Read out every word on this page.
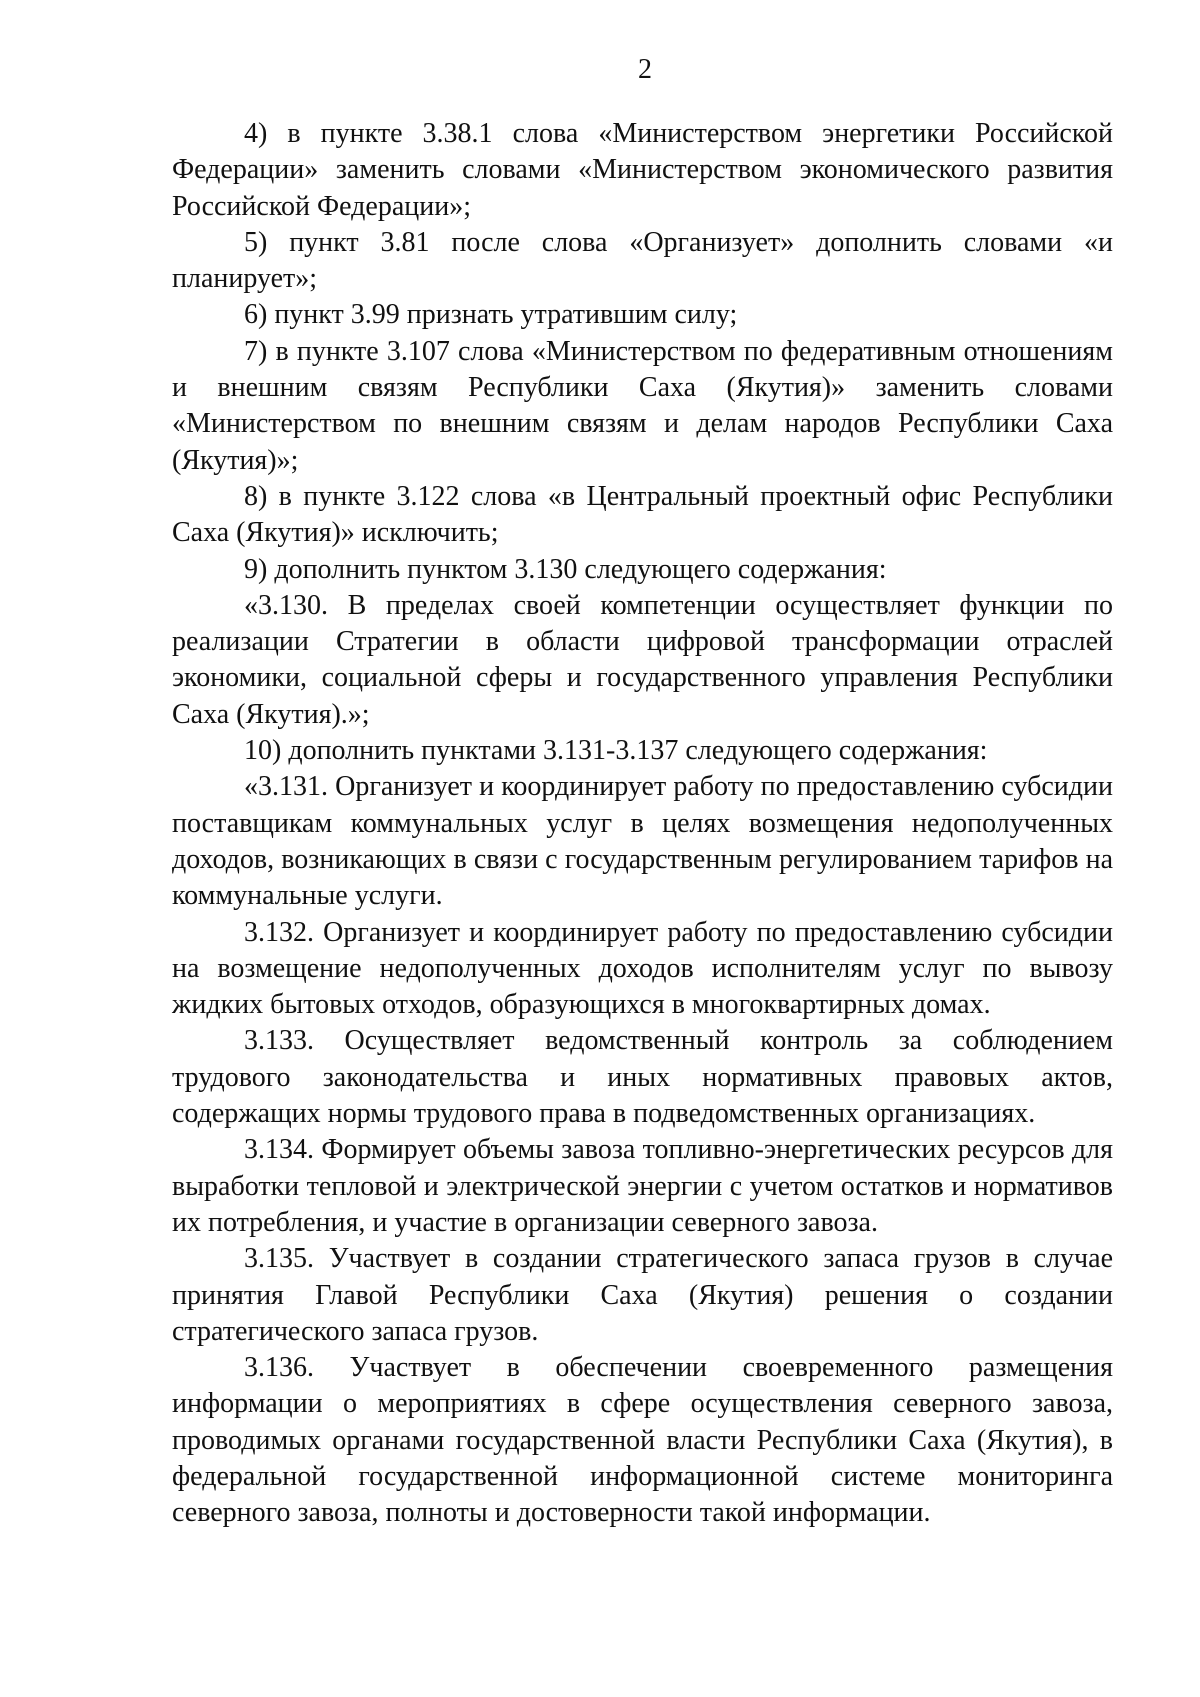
2

4) в пункте 3.38.1 слова «Министерством энергетики Российской Федерации» заменить словами «Министерством экономического развития Российской Федерации»;

5) пункт 3.81 после слова «Организует» дополнить словами «и планирует»;

6) пункт 3.99 признать утратившим силу;

7) в пункте 3.107 слова «Министерством по федеративным отношениям и внешним связям Республики Саха (Якутия)» заменить словами «Министерством по внешним связям и делам народов Республики Саха (Якутия)»;

8) в пункте 3.122 слова «в Центральный проектный офис Республики Саха (Якутия)» исключить;

9) дополнить пунктом 3.130 следующего содержания:

«3.130. В пределах своей компетенции осуществляет функции по реализации Стратегии в области цифровой трансформации отраслей экономики, социальной сферы и государственного управления Республики Саха (Якутия).»;

10) дополнить пунктами 3.131-3.137 следующего содержания:

«3.131. Организует и координирует работу по предоставлению субсидии поставщикам коммунальных услуг в целях возмещения недополученных доходов, возникающих в связи с государственным регулированием тарифов на коммунальные услуги.

3.132. Организует и координирует работу по предоставлению субсидии на возмещение недополученных доходов исполнителям услуг по вывозу жидких бытовых отходов, образующихся в многоквартирных домах.

3.133. Осуществляет ведомственный контроль за соблюдением трудового законодательства и иных нормативных правовых актов, содержащих нормы трудового права в подведомственных организациях.

3.134. Формирует объемы завоза топливно-энергетических ресурсов для выработки тепловой и электрической энергии с учетом остатков и нормативов их потребления, и участие в организации северного завоза.

3.135. Участвует в создании стратегического запаса грузов в случае принятия Главой Республики Саха (Якутия) решения о создании стратегического запаса грузов.

3.136. Участвует в обеспечении своевременного размещения информации о мероприятиях в сфере осуществления северного завоза, проводимых органами государственной власти Республики Саха (Якутия), в федеральной государственной информационной системе мониторинга северного завоза, полноты и достоверности такой информации.
